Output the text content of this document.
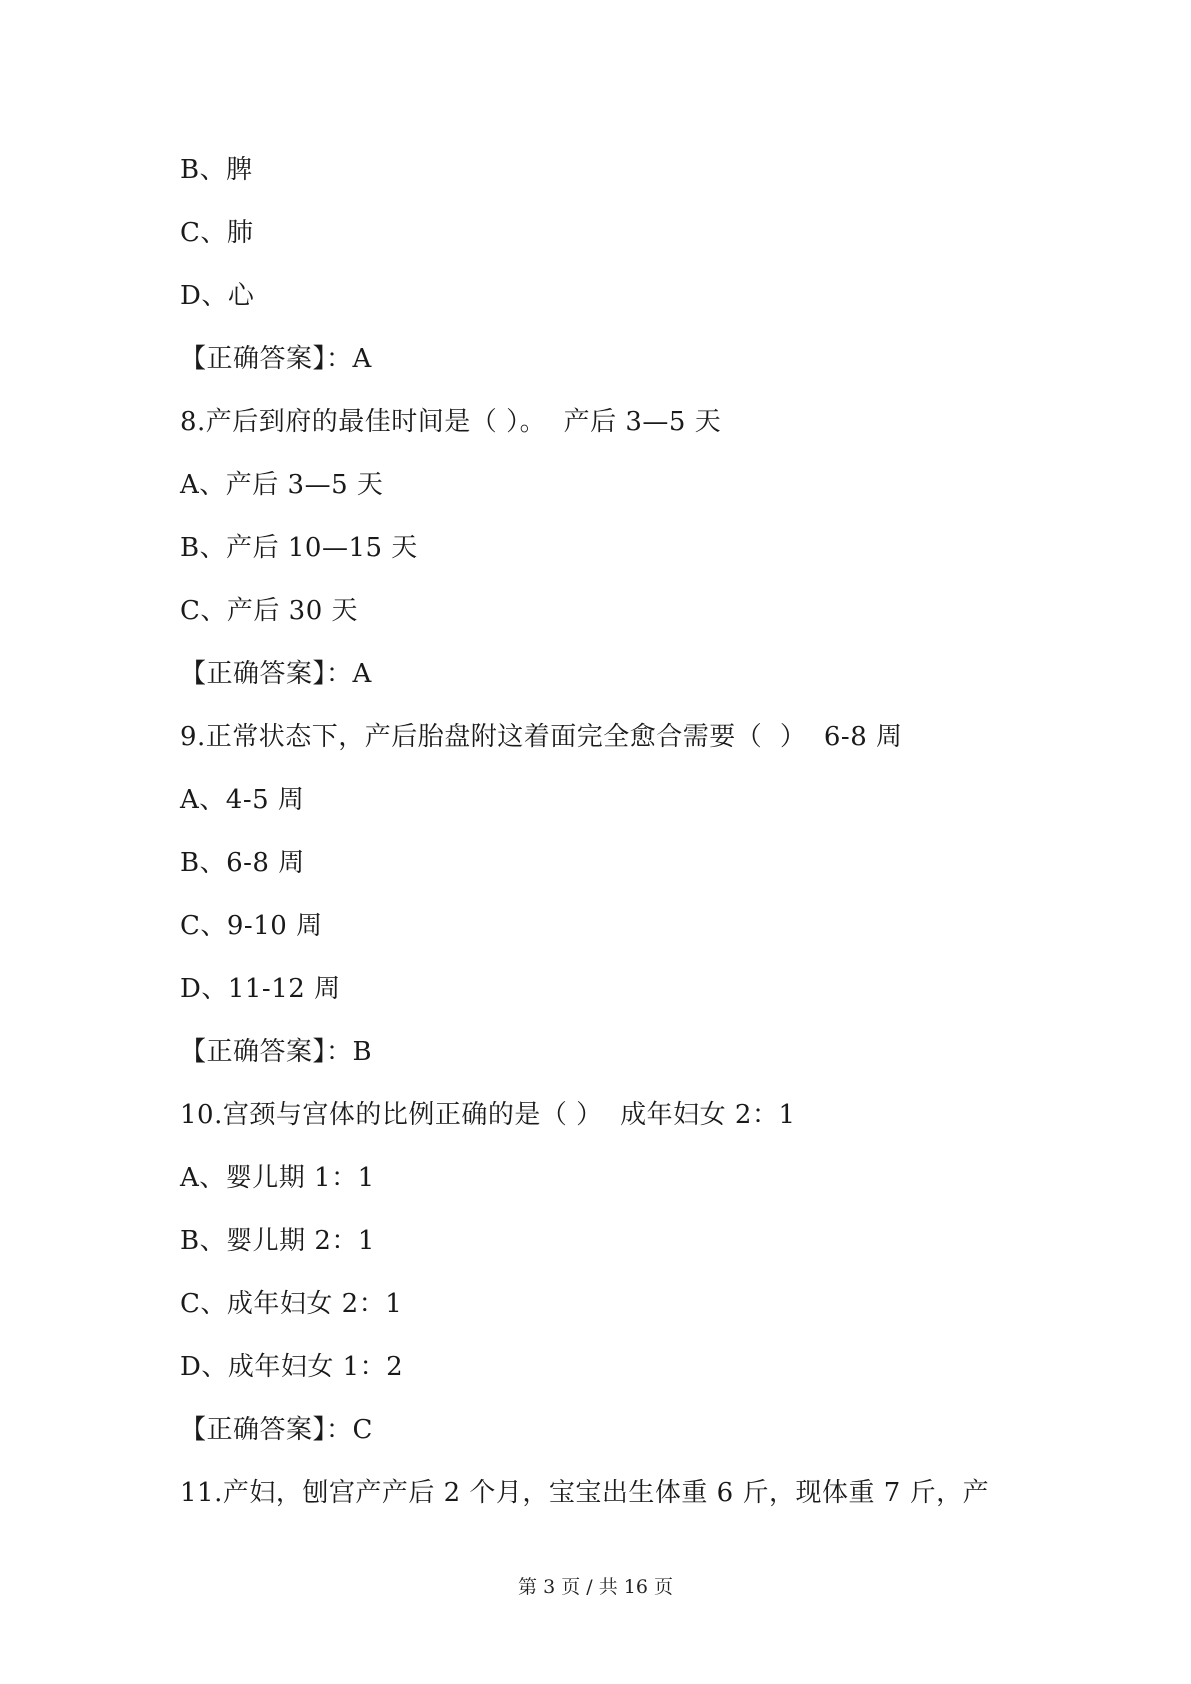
B、脾
C、肺
D、心
【正确答案】：A
8.产后到府的最佳时间是（ ）。  产后 3—5 天
A、产后 3—5 天
B、产后 10—15 天
C、产后 30 天
【正确答案】：A
9.正常状态下，产后胎盘附这着面完全愈合需要（  ）  6-8 周
A、4-5 周
B、6-8 周
C、9-10 周
D、11-12 周
【正确答案】：B
10.宫颈与宫体的比例正确的是（ ）  成年妇女 2：1
A、婴儿期 1：1
B、婴儿期 2：1
C、成年妇女 2：1
D、成年妇女 1：2
【正确答案】：C
11.产妇，刨宫产产后 2 个月，宝宝出生体重 6 斤，现体重 7 斤，产
第 3 页 / 共 16 页
